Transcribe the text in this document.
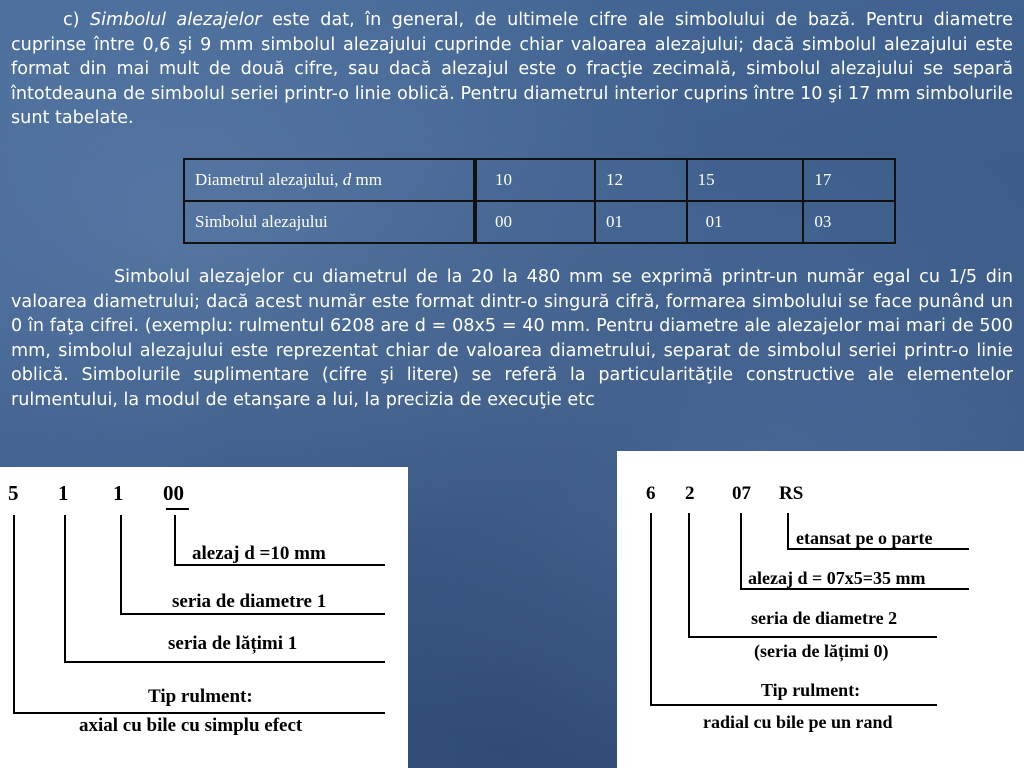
c) Simbolul alezajelor este dat, în general, de ultimele cifre ale simbolului de bază. Pentru diametre cuprinse între 0,6 şi 9 mm simbolul alezajului cuprinde chiar valoarea alezajului; dacă simbolul alezajului este format din mai mult de două cifre, sau dacă alezajul este o fracţie zecimală, simbolul alezajului se separă întotdeauna de simbolul seriei printr-o linie oblică. Pentru diametrul interior cuprins între 10 şi 17 mm simbolurile sunt tabelate.

Diametrul alezajului, d mm	10	12	15	17
Simbolul alezajului	00	01	01	03

Simbolul alezajelor cu diametrul de la 20 la 480 mm se exprimă printr-un număr egal cu 1/5 din valoarea diametrului; dacă acest număr este format dintr-o singură cifră, formarea simbolului se face punând un 0 în faţa cifrei. (exemplu: rulmentul 6208 are d = 08x5 = 40 mm. Pentru diametre ale alezajelor mai mari de 500 mm, simbolul alezajului este reprezentat chiar de valoarea diametrului, separat de simbolul seriei printr-o linie oblică. Simbolurile suplimentare (cifre şi litere) se referă la particularităţile constructive ale elementelor rulmentului, la modul de etanşare a lui, la precizia de execuţie etc

5 1 1 00
alezaj d =10 mm
seria de diametre 1
seria de lățimi 1
Tip rulment:
axial cu bile cu simplu efect
6 2 07 RS
etansat pe o parte
alezaj d = 07x5=35 mm
seria de diametre 2
(seria de lățimi 0)
Tip rulment:
radial cu bile pe un rand
